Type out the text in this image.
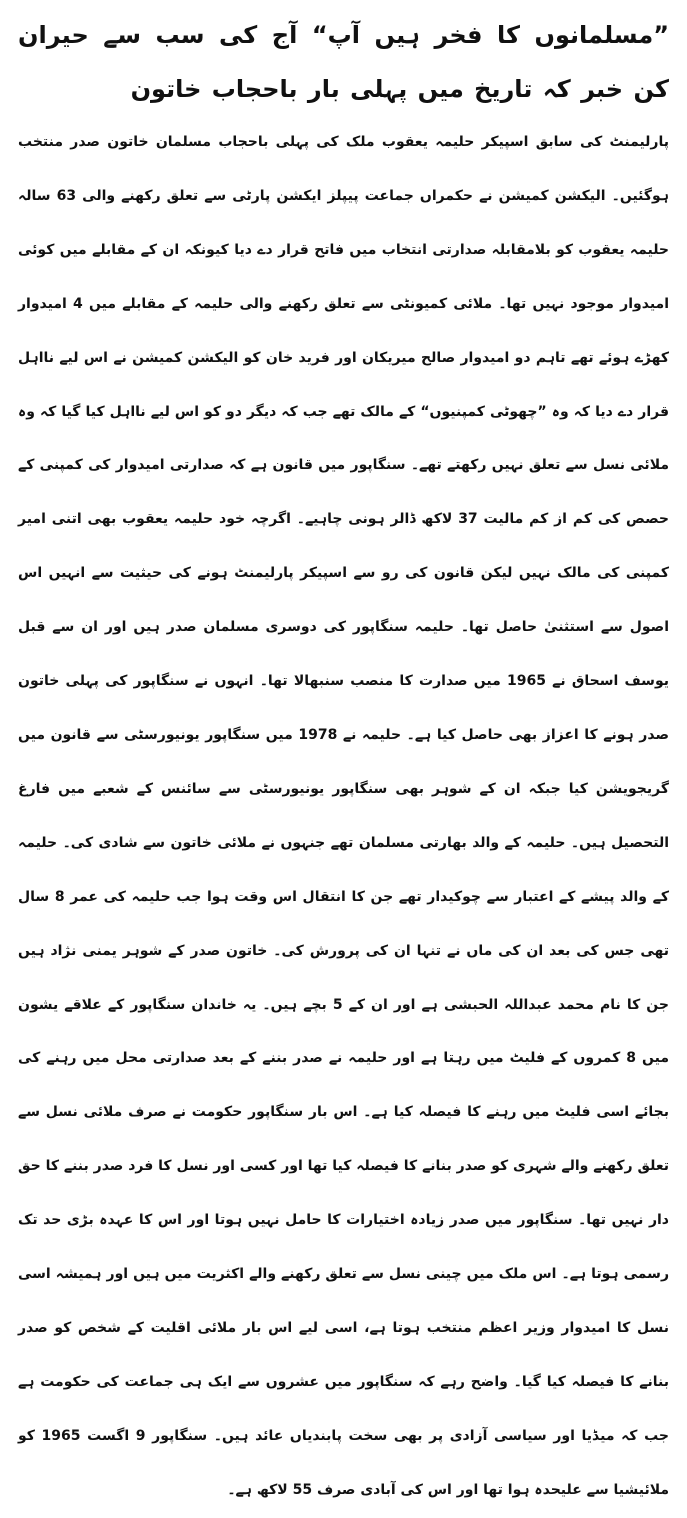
”مسلمانوں کا فخر ہیں آپ“ آج کی سب سے حیران کن خبر کہ تاریخ میں پہلی بار باحجاب خاتون

پارلیمنٹ کی سابق اسپیکر حلیمہ یعقوب ملک کی پہلی باحجاب مسلمان خاتون صدر منتخب ہوگئیں۔ الیکشن کمیشن نے حکمراں جماعت پیپلز ایکشن پارٹی سے تعلق رکھنے والی 63 سالہ حلیمہ یعقوب کو بلامقابلہ صدارتی انتخاب میں فاتح قرار دے دیا کیونکہ ان کے مقابلے میں کوئی امیدوار موجود نہیں تھا۔ ملائی کمیونٹی سے تعلق رکھنے والی حلیمہ کے مقابلے میں 4 امیدوار کھڑے ہوئے تھے تاہم دو امیدوار صالح میریکان اور فرید خان کو الیکشن کمیشن نے اس لیے نااہل قرار دے دیا کہ وہ ”چھوٹی کمپنیوں“ کے مالک تھے جب کہ دیگر دو کو اس لیے نااہل کیا گیا کہ وہ ملائی نسل سے تعلق نہیں رکھتے تھے۔ سنگاپور میں قانون ہے کہ صدارتی امیدوار کی کمپنی کے حصص کی کم از کم مالیت 37 لاکھ ڈالر ہونی چاہیے۔ اگرچہ خود حلیمہ یعقوب بھی اتنی امیر کمپنی کی مالک نہیں لیکن قانون کی رو سے اسپیکر پارلیمنٹ ہونے کی حیثیت سے انہیں اس اصول سے استثنیٰ حاصل تھا۔ حلیمہ سنگاپور کی دوسری مسلمان صدر ہیں اور ان سے قبل یوسف اسحاق نے 1965 میں صدارت کا منصب سنبھالا تھا۔ انہوں نے سنگاپور کی پہلی خاتون صدر ہونے کا اعزاز بھی حاصل کیا ہے۔ حلیمہ نے 1978 میں سنگاپور یونیورسٹی سے قانون میں گریجویشن کیا جبکہ ان کے شوہر بھی سنگاپور یونیورسٹی سے سائنس کے شعبے میں فارغ التحصیل ہیں۔ حلیمہ کے والد بھارتی مسلمان تھے جنہوں نے ملائی خاتون سے شادی کی۔ حلیمہ کے والد پیشے کے اعتبار سے چوکیدار تھے جن کا انتقال اس وقت ہوا جب حلیمہ کی عمر 8 سال تھی جس کی بعد ان کی ماں نے تنہا ان کی پرورش کی۔ خاتون صدر کے شوہر یمنی نژاد ہیں جن کا نام محمد عبداللہ الحبشی ہے اور ان کے 5 بچے ہیں۔ یہ خاندان سنگاپور کے علاقے یشون میں 8 کمروں کے فلیٹ میں رہتا ہے اور حلیمہ نے صدر بننے کے بعد صدارتی محل میں رہنے کی بجائے اسی فلیٹ میں رہنے کا فیصلہ کیا ہے۔ اس بار سنگاپور حکومت نے صرف ملائی نسل سے تعلق رکھنے والے شہری کو صدر بنانے کا فیصلہ کیا تھا اور کسی اور نسل کا فرد صدر بننے کا حق دار نہیں تھا۔ سنگاپور میں صدر زیادہ اختیارات کا حامل نہیں ہوتا اور اس کا عہدہ بڑی حد تک رسمی ہوتا ہے۔ اس ملک میں چینی نسل سے تعلق رکھنے والے اکثریت میں ہیں اور ہمیشہ اسی نسل کا امیدوار وزیر اعظم منتخب ہوتا ہے، اسی لیے اس بار ملائی اقلیت کے شخص کو صدر بنانے کا فیصلہ کیا گیا۔ واضح رہے کہ سنگاپور میں عشروں سے ایک ہی جماعت کی حکومت ہے جب کہ میڈیا اور سیاسی آزادی پر بھی سخت پابندیاں عائد ہیں۔ سنگاپور 9 اگست 1965 کو ملائیشیا سے علیحدہ ہوا تھا اور اس کی آبادی صرف 55 لاکھ ہے۔
